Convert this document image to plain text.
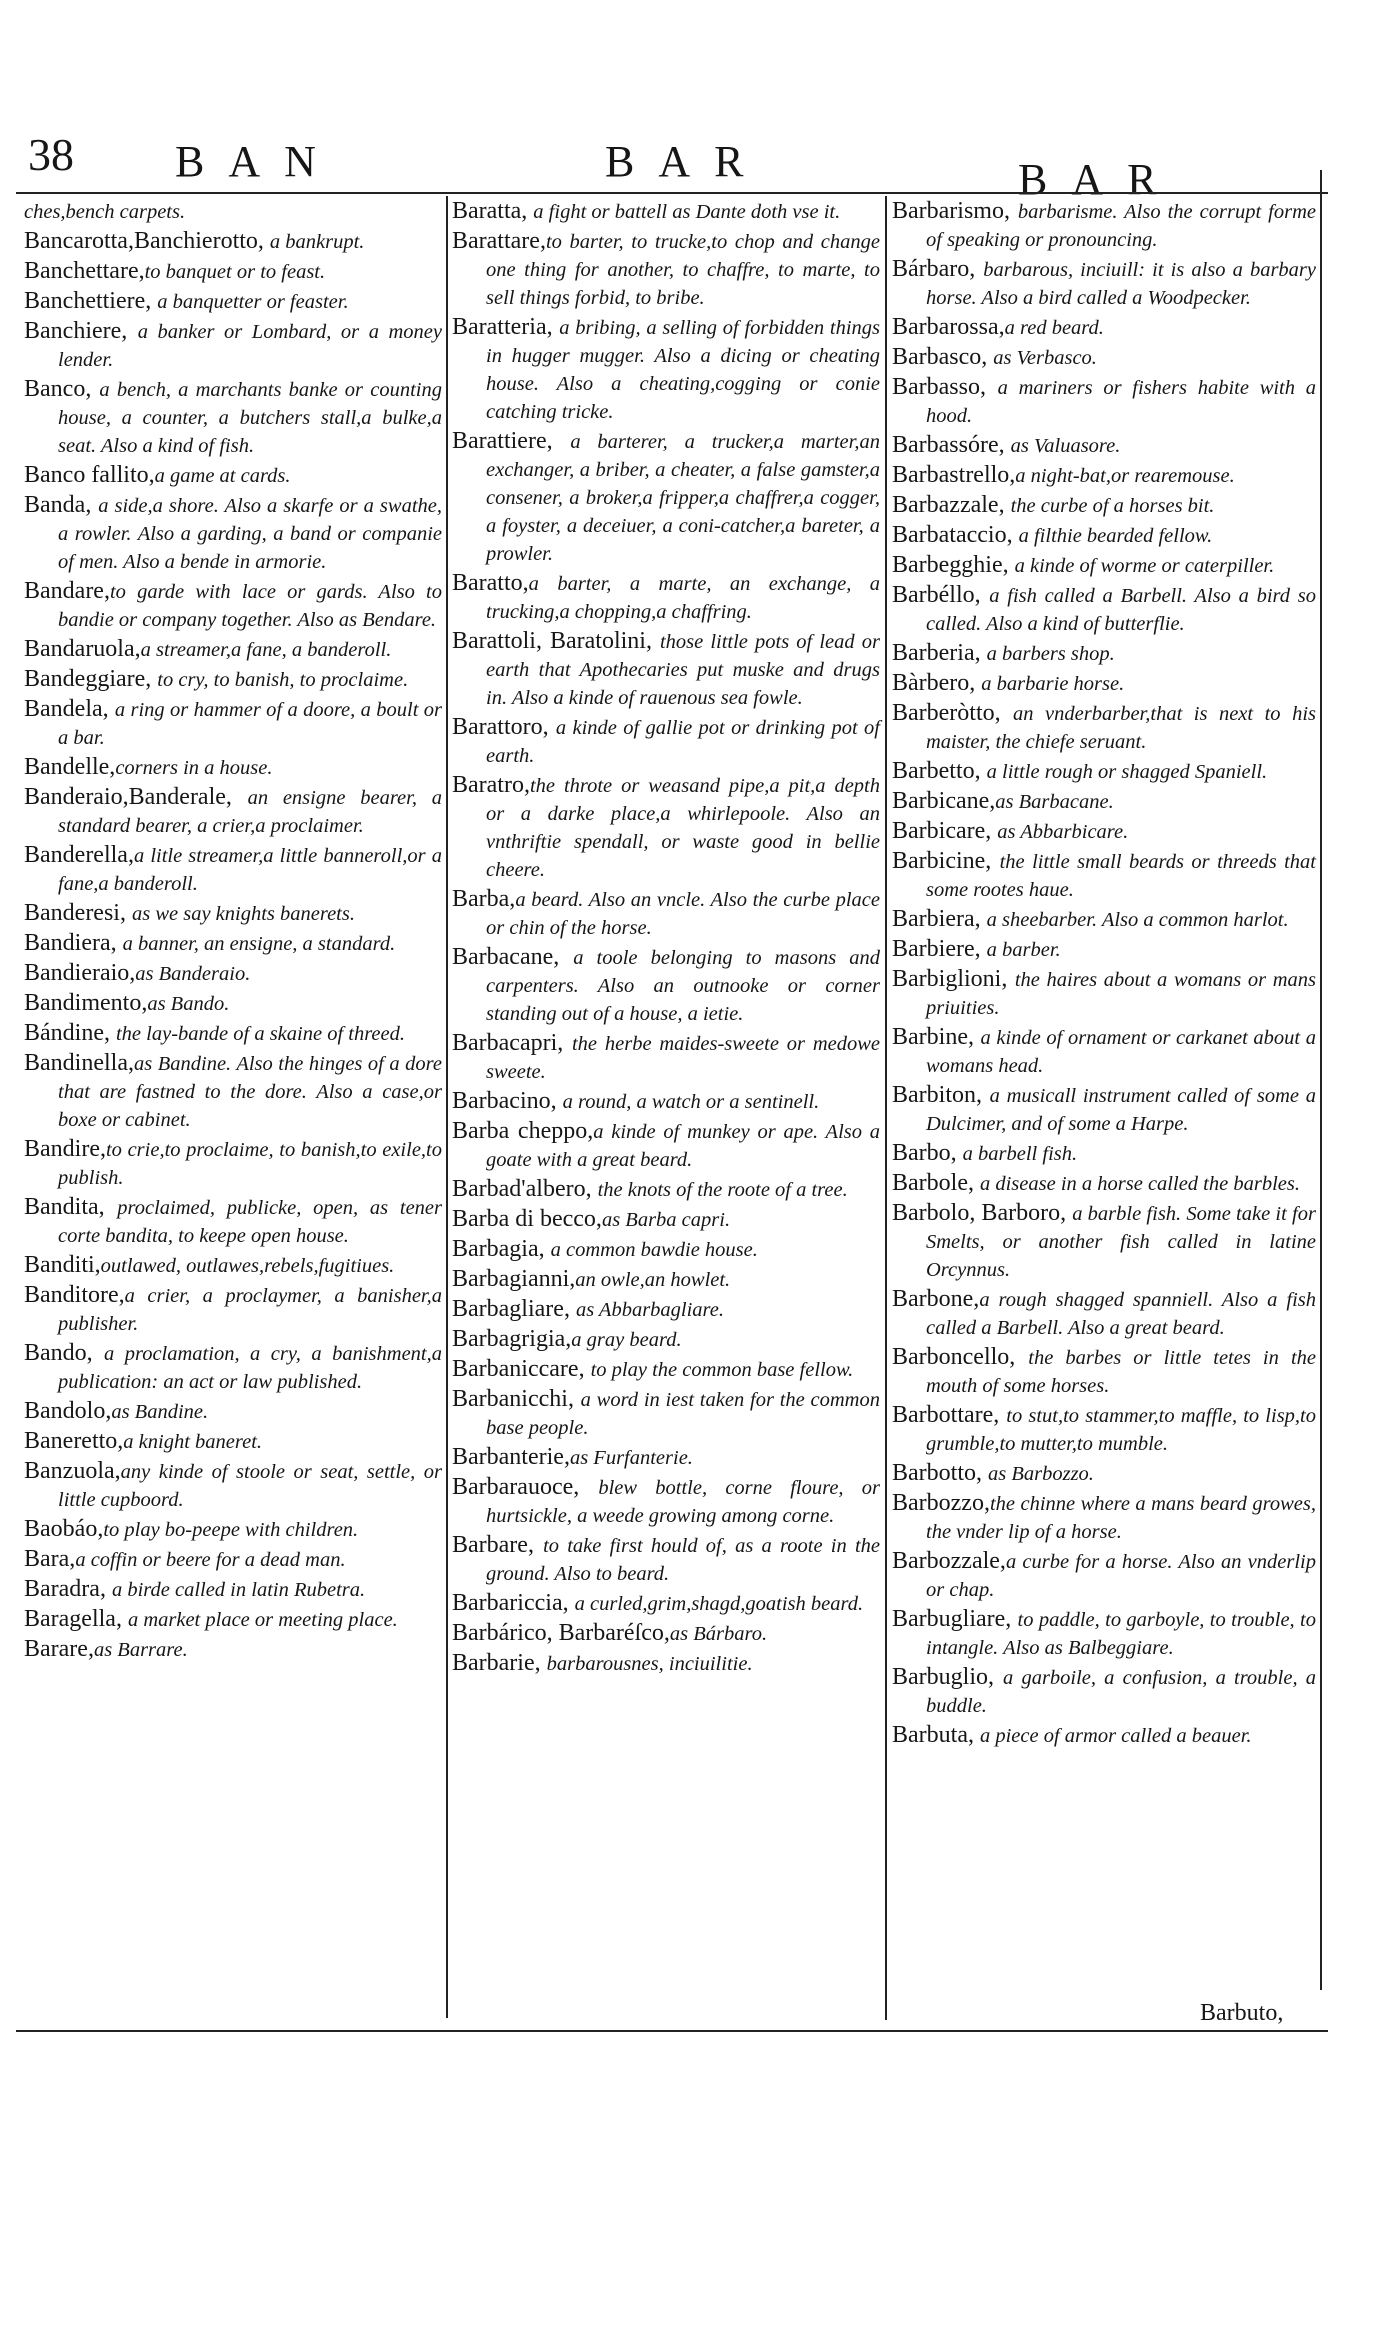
38 BAN	BAR	BAR

ches,bench carpets.

Bancarotta,Banchierotto, a bankrupt.

Banchettare,to banquet or to feast.

Banchettiere, a banquetter or feaster.

Banchiere, a banker or Lombard, or a money lender.

Banco, a bench, a marchants banke or counting house, a counter, a butchers stall,a bulke,a seat. Also a kind of fish.

Banco fallito,a game at cards.

Banda, a side,a shore. Also a skarfe or a swathe, a rowler. Also a garding, a band or companie of men. Also a bende in armorie.

Bandare,to garde with lace or gards. Also to bandie or company together. Also as Bendare.

Bandaruola,a streamer,a fane, a banderoll.

Bandeggiare, to cry, to banish, to proclaime.

Bandela, a ring or hammer of a doore, a boult or a bar.

Bandelle,corners in a house.

Banderaio,Banderale, an ensigne bearer, a standard bearer, a crier,a proclaimer.

Banderella,a litle streamer,a little banneroll,or a fane,a banderoll.

Banderesi, as we say knights banerets.

Bandiera, a banner, an ensigne, a standard.

Bandieraio,as Banderaio.

Bandimento,as Bando.

Bándine, the lay-bande of a skaine of threed.

Bandinella,as Bandine. Also the hinges of a dore that are fastned to the dore. Also a case,or boxe or cabinet.

Bandire,to crie,to proclaime, to banish,to exile,to publish.

Bandita, proclaimed, publicke, open, as tener corte bandita, to keepe open house.

Banditi,outlawed, outlawes,rebels,fugitiues.

Banditore,a crier, a proclaymer, a banisher,a publisher.

Bando, a proclamation, a cry, a banishment,a publication: an act or law published.

Bandolo,as Bandine.

Baneretto,a knight baneret.

Banzuola,any kinde of stoole or seat, settle, or little cupboord.

Baobáo,to play bo-peepe with children.

Bara,a coffin or beere for a dead man.

Baradra, a birde called in latin Rubetra.

Baragella, a market place or meeting place.

Barare,as Barrare.

Baratta, a fight or battell as Dante doth vse it.

Barattare,to barter, to trucke,to chop and change one thing for another, to chaffre, to marte, to sell things forbid, to bribe.

Baratteria, a bribing, a selling of forbidden things in hugger mugger. Also a dicing or cheating house. Also a cheating,cogging or conie catching tricke.

Barattiere, a barterer, a trucker,a marter,an exchanger, a briber, a cheater, a false gamster,a consener, a broker,a fripper,a chaffrer,a cogger, a foyster, a deceiuer, a coni-catcher,a bareter, a prowler.

Baratto,a barter, a marte, an exchange, a trucking,a chopping,a chaffring.

Barattoli, Baratolini, those little pots of lead or earth that Apothecaries put muske and drugs in. Also a kinde of rauenous sea fowle.

Barattoro, a kinde of gallie pot or drinking pot of earth.

Baratro,the throte or weasand pipe,a pit,a depth or a darke place,a whirlepoole. Also an vnthriftie spendall, or waste good in bellie cheere.

Barba,a beard. Also an vncle. Also the curbe place or chin of the horse.

Barbacane, a toole belonging to masons and carpenters. Also an outnooke or corner standing out of a house, a ietie.

Barbacapri, the herbe maides-sweete or medowe sweete.

Barbacino, a round, a watch or a sentinell.

Barba cheppo,a kinde of munkey or ape. Also a goate with a great beard.

Barbad'albero, the knots of the roote of a tree.

Barba di becco,as Barba capri.

Barbagia, a common bawdie house.

Barbagianni,an owle,an howlet.

Barbagliare, as Abbarbagliare.

Barbagrigia,a gray beard.

Barbaniccare, to play the common base fellow.

Barbanicchi, a word in iest taken for the common base people.

Barbanterie,as Furfanterie.

Barbarauoce, blew bottle, corne floure, or hurtsickle, a weede growing among corne.

Barbare, to take first hould of, as a roote in the ground. Also to beard.

Barbariccia, a curled,grim,shagd,goatish beard.

Barbárico, Barbaréſco,as Bárbaro.

Barbarie, barbarousnes, inciuilitie.

Barbarismo, barbarisme. Also the corrupt forme of speaking or pronouncing.

Bárbaro, barbarous, inciuill: it is also a barbary horse. Also a bird called a Woodpecker.

Barbarossa,a red beard.

Barbasco, as Verbasco.

Barbasso, a mariners or fishers habite with a hood.

Barbassóre, as Valuasore.

Barbastrello,a night-bat,or rearemouse.

Barbazzale, the curbe of a horses bit.

Barbataccio, a filthie bearded fellow.

Barbegghie, a kinde of worme or caterpiller.

Barbéllo, a fish called a Barbell. Also a bird so called. Also a kind of butterflie.

Barberia, a barbers shop.

Bàrbero, a barbarie horse.

Barberòtto, an vnderbarber,that is next to his maister, the chiefe seruant.

Barbetto, a little rough or shagged Spaniell.

Barbicane,as Barbacane.

Barbicare, as Abbarbicare.

Barbicine, the little small beards or threeds that some rootes haue.

Barbiera, a sheebarber. Also a common harlot.

Barbiere, a barber.

Barbiglioni, the haires about a womans or mans priuities.

Barbine, a kinde of ornament or carkanet about a womans head.

Barbiton, a musicall instrument called of some a Dulcimer, and of some a Harpe.

Barbo, a barbell fish.

Barbole, a disease in a horse called the barbles.

Barbolo, Barboro, a barble fish. Some take it for Smelts, or another fish called in latine Orcynnus.

Barbone,a rough shagged spanniell. Also a fish called a Barbell. Also a great beard.

Barboncello, the barbes or little tetes in the mouth of some horses.

Barbottare, to stut,to stammer,to maffle, to lisp,to grumble,to mutter,to mumble.

Barbotto, as Barbozzo.

Barbozzo,the chinne where a mans beard growes, the vnder lip of a horse.

Barbozzale,a curbe for a horse. Also an vnderlip or chap.

Barbugliare, to paddle, to garboyle, to trouble, to intangle. Also as Balbeggiare.

Barbuglio, a garboile, a confusion, a trouble, a buddle.

Barbuta, a piece of armor called a beauer.

Barbuto,
